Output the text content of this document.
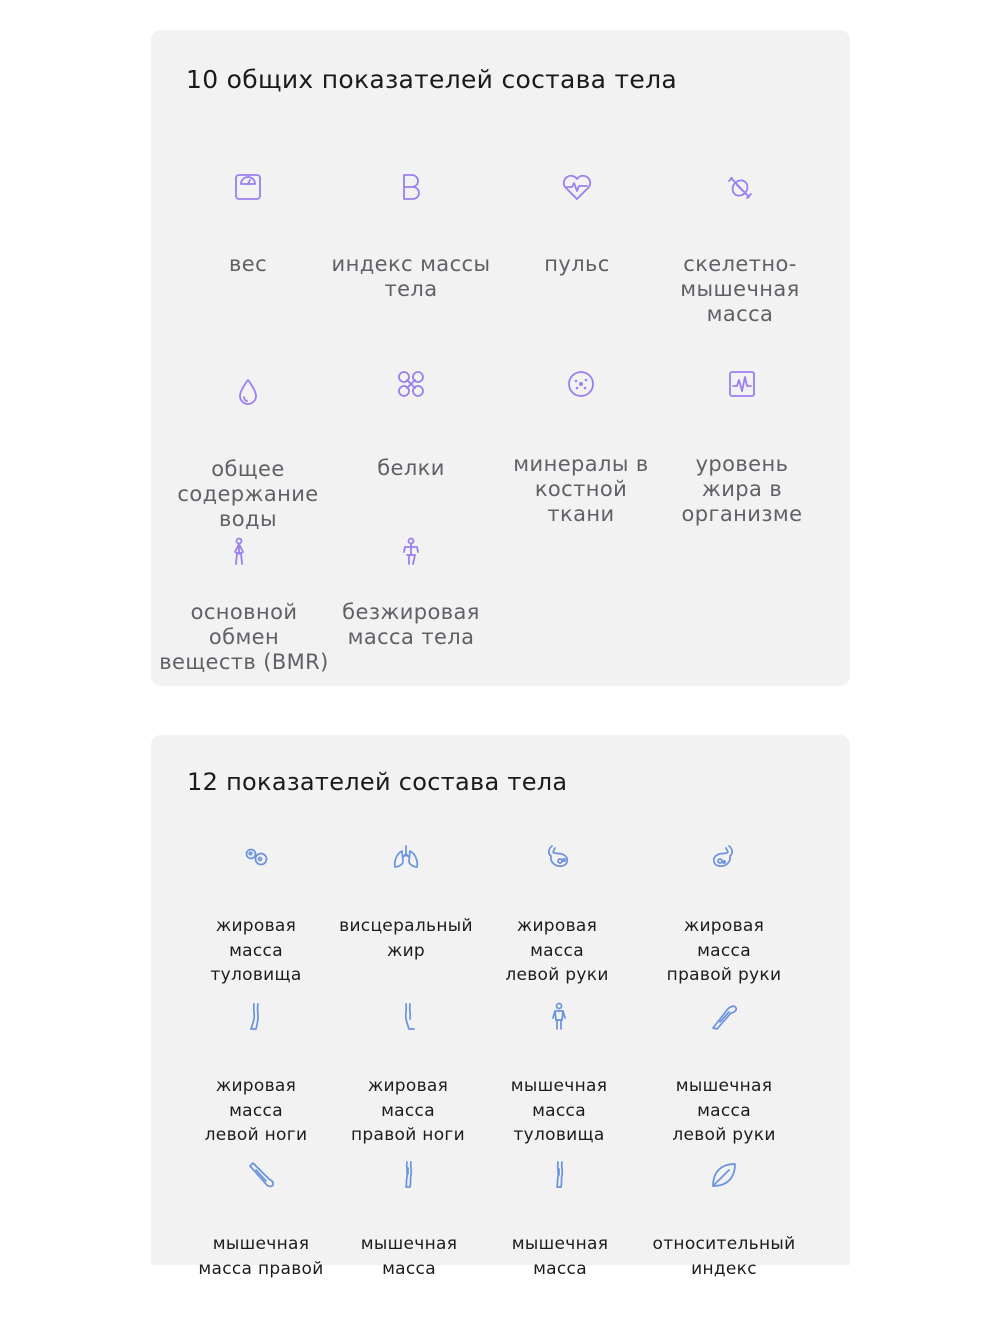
10 общих показателей состава тела
вес	индекс массы
тела
пульс	скелетно-
мышечная
масса
общее
содержание
воды
белки	минералы в
костной
ткани
уровень
жира в
организме
основной
обмен
веществ (BMR)
безжировая
масса тела
12 показателей состава тела
жировая
масса
туловища
висцеральный
жир
жировая
масса
левой руки
жировая
масса
правой руки
жировая
масса
левой ноги
жировая
масса
правой ноги
мышечная
масса
туловища
мышечная
масса
левой руки
мышечная
масса правой
мышечная
масса
мышечная
масса
относительный
индекс
